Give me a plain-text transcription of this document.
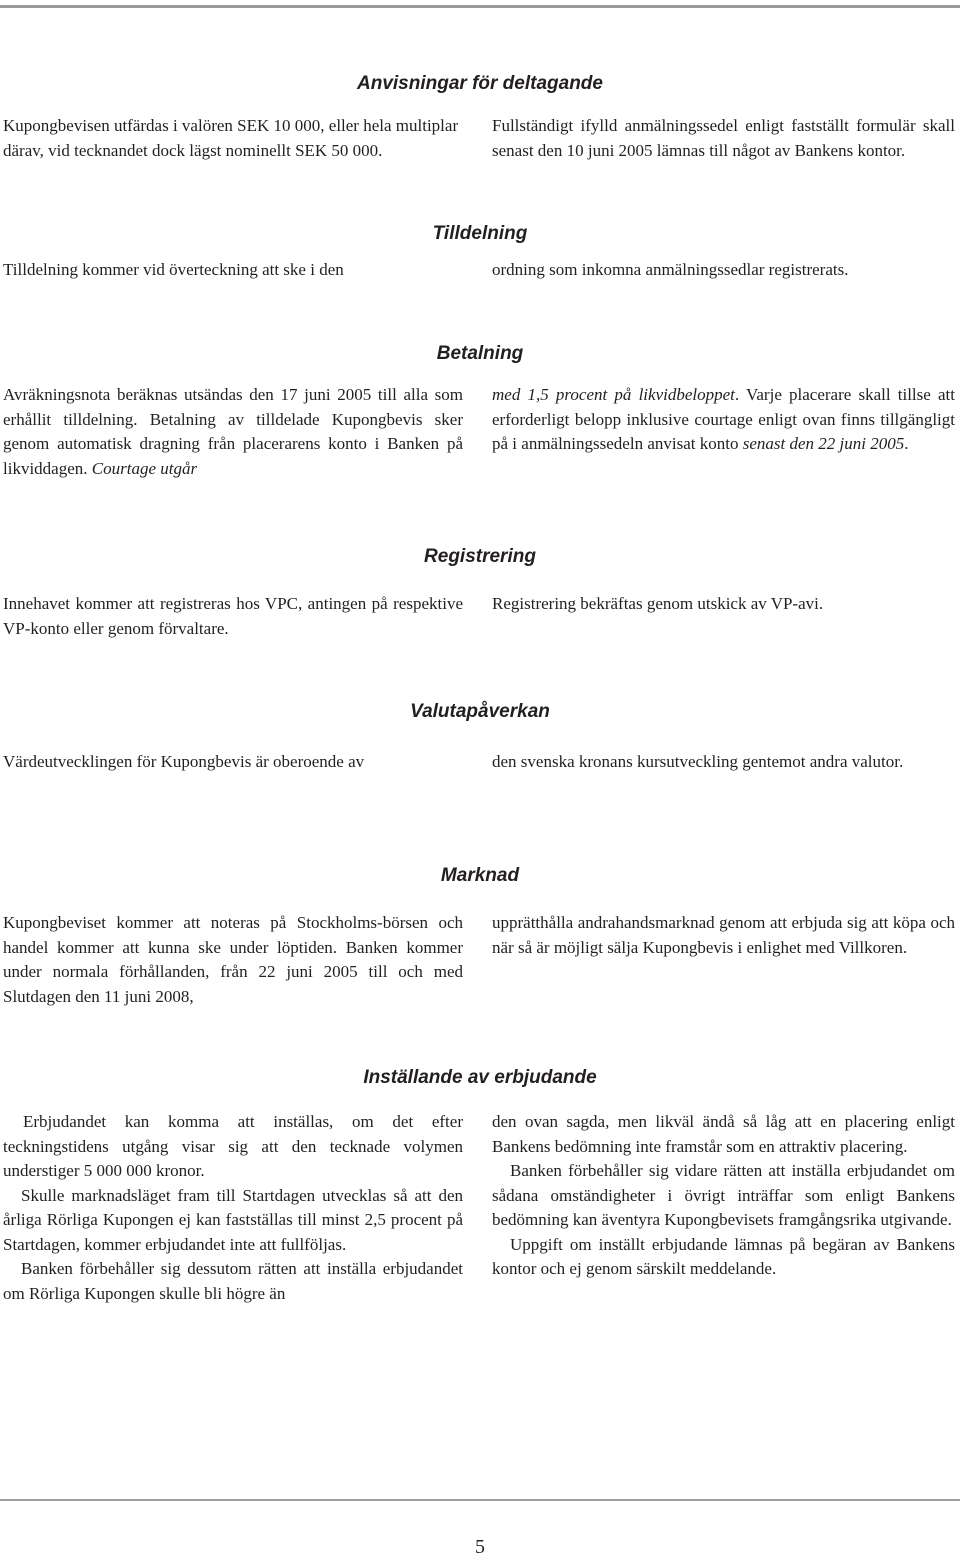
Anvisningar för deltagande

Kupongbevisen utfärdas i valören SEK 10 000, eller hela multiplar därav, vid tecknandet dock lägst nominellt SEK 50 000.

Fullständigt ifylld anmälningssedel enligt fastställt formulär skall senast den 10 juni 2005 lämnas till något av Bankens kontor.

Tilldelning

Tilldelning kommer vid överteckning att ske i den	ordning som inkomna anmälningssedlar registrerats.

Betalning

Avräkningsnota beräknas utsändas den 17 juni 2005 till alla som erhållit tilldelning. Betalning av tilldelade Kupongbevis sker genom automatisk dragning från placerarens konto i Banken på likviddagen. Courtage utgår

med 1,5 procent på likvidbeloppet. Varje placerare skall tillse att erforderligt belopp inklusive courtage enligt ovan finns tillgängligt på i anmälningssedeln anvisat konto senast den 22 juni 2005.

Registrering

Innehavet kommer att registreras hos VPC, antingen på respektive VP-konto eller genom förvaltare.

Registrering bekräftas genom utskick av VP-avi.

Valutapåverkan

Värdeutvecklingen för Kupongbevis är oberoende av	den svenska kronans kursutveckling gentemot andra valutor.

Marknad

Kupongbeviset kommer att noteras på Stockholms-börsen och handel kommer att kunna ske under löptiden. Banken kommer under normala förhållanden, från 22 juni 2005 till och med Slutdagen den 11 juni 2008,

upprätthålla andrahandsmarknad genom att erbjuda sig att köpa och när så är möjligt sälja Kupongbevis i enlighet med Villkoren.

Inställande av erbjudande

Erbjudandet kan komma att inställas, om det efter teckningstidens utgång visar sig att den tecknade volymen understiger 5 000 000 kronor.

Skulle marknadsläget fram till Startdagen utvecklas så att den årliga Rörliga Kupongen ej kan fastställas till minst 2,5 procent på Startdagen, kommer erbjudandet inte att fullföljas.

Banken förbehåller sig dessutom rätten att inställa erbjudandet om Rörliga Kupongen skulle bli högre än

den ovan sagda, men likväl ändå så låg att en placering enligt Bankens bedömning inte framstår som en attraktiv placering.

Banken förbehåller sig vidare rätten att inställa erbjudandet om sådana omständigheter i övrigt inträffar som enligt Bankens bedömning kan äventyra Kupongbevisets framgångsrika utgivande.

Uppgift om inställt erbjudande lämnas på begäran av Bankens kontor och ej genom särskilt meddelande.

5
